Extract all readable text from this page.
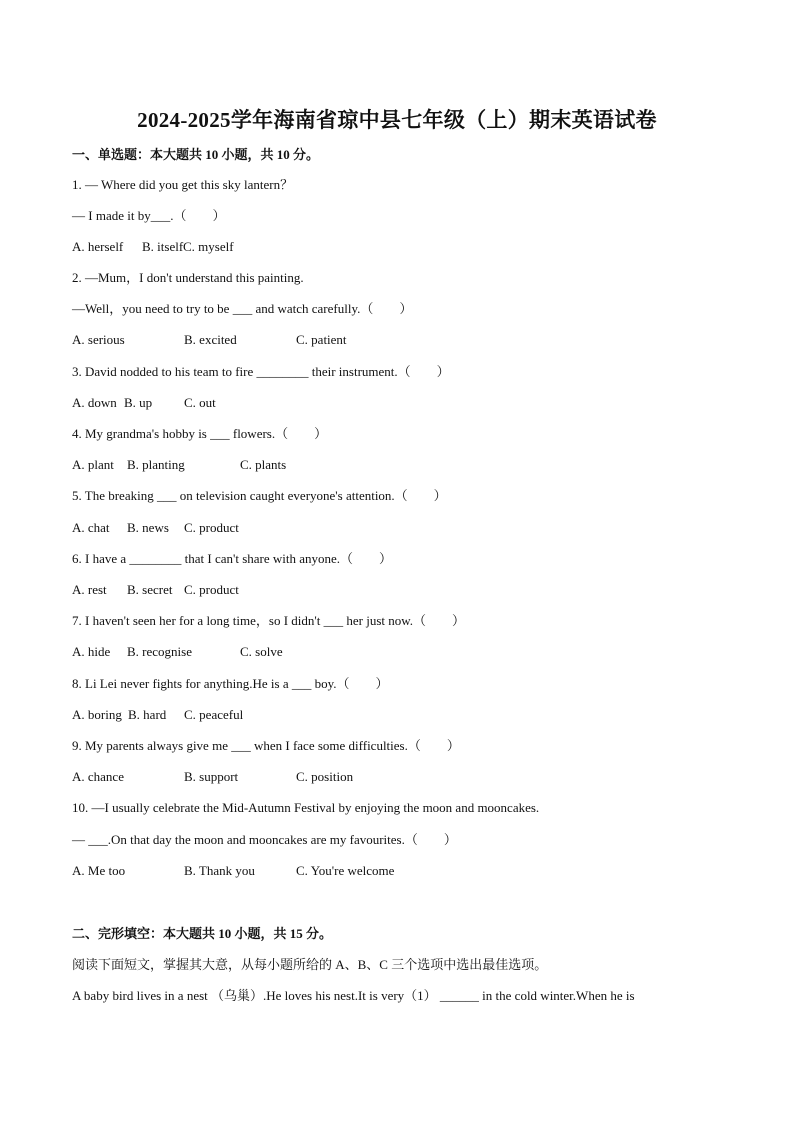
2024-2025学年海南省琼中县七年级（上）期末英语试卷
一、单选题：本大题共 10 小题，共 10 分。
1. — Where did you get this sky lantern？
— I made it by___.（　　）
A. herself B. itselfC. myself
2. —Mum，I don't understand this painting.
—Well，you need to try to be ___ and watch carefully.（　　）
A. serious	B. excited	C. patient
3. David nodded to his team to fire ________ their instrument.（　　）
A. down B. up C. out
4. My grandma's hobby is ___ flowers.（　　）
A. plant B. planting	C. plants
5. The breaking ___ on television caught everyone's attention.（　　）
A. chat B. news C. product
6. I have a ________ that I can't share with anyone.（　　）
A. rest B. secret C. product
7. I haven't seen her for a long time，so I didn't ___ her just now.（　　）
A. hide B. recognise	C. solve
8. Li Lei never fights for anything.He is a ___ boy.（　　）
A. boring B. hard C. peaceful
9. My parents always give me ___ when I face some difficulties.（　　）
A. chance	B. support	C. position
10. —I usually celebrate the Mid-Autumn Festival by enjoying the moon and mooncakes.
— ___.On that day the moon and mooncakes are my favourites.（　　）
A. Me too	B. Thank you	C. You're welcome
二、完形填空：本大题共 10 小题，共 15 分。
阅读下面短文，掌握其大意，从每小题所给的 A、B、C 三个选项中选出最佳选项。
A baby bird lives in a nest （乌巢）.He loves his nest.It is very（1） ______ in the cold winter.When he is
